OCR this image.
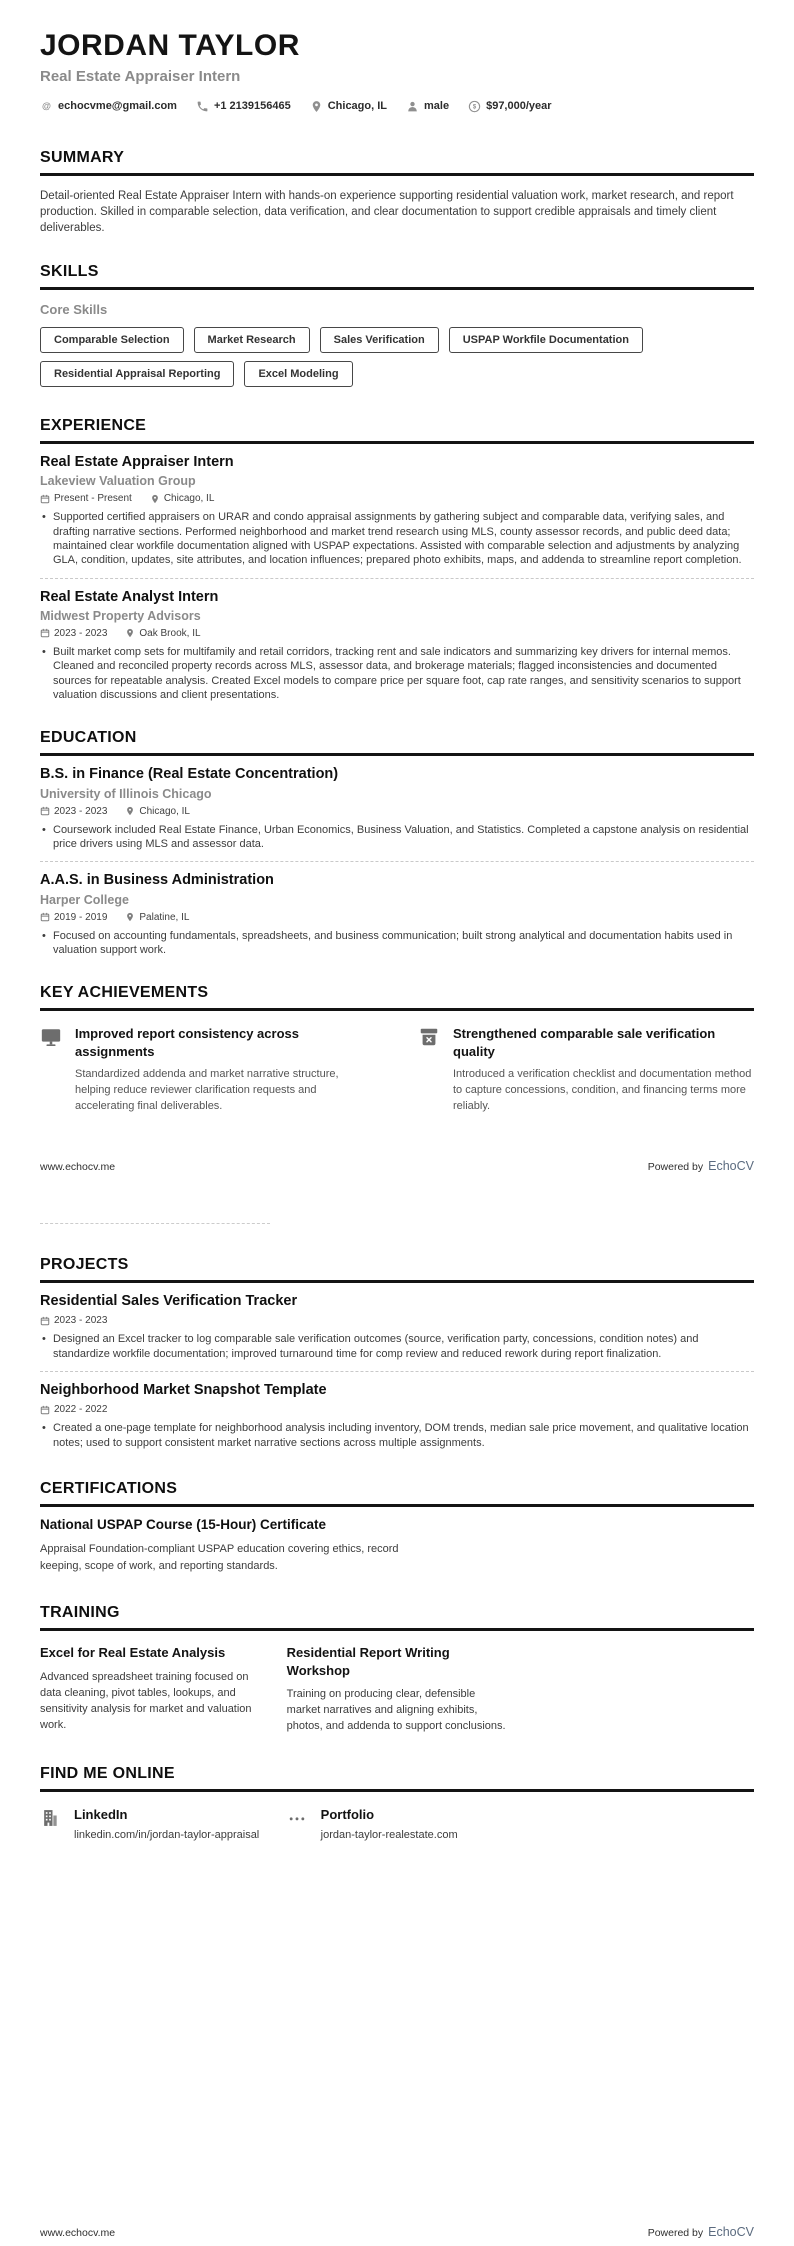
JORDAN TAYLOR
Real Estate Appraiser Intern
@ echocvme@gmail.com	+1 2139156465	Chicago, IL	male $ $97,000/year
SUMMARY
Detail-oriented Real Estate Appraiser Intern with hands-on experience supporting residential valuation work, market research, and report production. Skilled in comparable selection, data verification, and clear documentation to support credible appraisals and timely client deliverables.
SKILLS
Core Skills
Comparable Selection	Market Research	Sales Verification	USPAP Workfile Documentation
Residential Appraisal Reporting	Excel Modeling
EXPERIENCE
Real Estate Appraiser Intern
Lakeview Valuation Group
Present - Present	Chicago, IL
• Supported certified appraisers on URAR and condo appraisal assignments by gathering subject and comparable data, verifying sales, and drafting narrative sections. Performed neighborhood and market trend research using MLS, county assessor records, and public deed data; maintained clear workfile documentation aligned with USPAP expectations. Assisted with comparable selection and adjustments by analyzing GLA, condition, updates, site attributes, and location influences; prepared photo exhibits, maps, and addenda to streamline report completion.
Real Estate Analyst Intern
Midwest Property Advisors
2023 - 2023	Oak Brook, IL
• Built market comp sets for multifamily and retail corridors, tracking rent and sale indicators and summarizing key drivers for internal memos. Cleaned and reconciled property records across MLS, assessor data, and brokerage materials; flagged inconsistencies and documented sources for repeatable analysis. Created Excel models to compare price per square foot, cap rate ranges, and sensitivity scenarios to support valuation discussions and client presentations.
EDUCATION
B.S. in Finance (Real Estate Concentration)
University of Illinois Chicago
2023 - 2023	Chicago, IL
• Coursework included Real Estate Finance, Urban Economics, Business Valuation, and Statistics. Completed a capstone analysis on residential price drivers using MLS and assessor data.
A.A.S. in Business Administration
Harper College
2019 - 2019	Palatine, IL
• Focused on accounting fundamentals, spreadsheets, and business communication; built strong analytical and documentation habits used in valuation support work.
KEY ACHIEVEMENTS
Improved report consistency across assignments
Standardized addenda and market narrative structure, helping reduce reviewer clarification requests and accelerating final deliverables.
Strengthened comparable sale verification quality
Introduced a verification checklist and documentation method to capture concessions, condition, and financing terms more reliably.
www.echocv.me	Powered by EchoCV
PROJECTS
Residential Sales Verification Tracker
2023 - 2023
• Designed an Excel tracker to log comparable sale verification outcomes (source, verification party, concessions, condition notes) and standardize workfile documentation; improved turnaround time for comp review and reduced rework during report finalization.
Neighborhood Market Snapshot Template
2022 - 2022
• Created a one-page template for neighborhood analysis including inventory, DOM trends, median sale price movement, and qualitative location notes; used to support consistent market narrative sections across multiple assignments.
CERTIFICATIONS
National USPAP Course (15-Hour) Certificate
Appraisal Foundation-compliant USPAP education covering ethics, record keeping, scope of work, and reporting standards.
TRAINING
Excel for Real Estate Analysis
Advanced spreadsheet training focused on data cleaning, pivot tables, lookups, and sensitivity analysis for market and valuation work.
Residential Report Writing Workshop
Training on producing clear, defensible market narratives and aligning exhibits, photos, and addenda to support conclusions.
FIND ME ONLINE
LinkedIn
linkedin.com/in/jordan-taylor-appraisal
Portfolio
jordan-taylor-realestate.com
www.echocv.me	Powered by EchoCV
